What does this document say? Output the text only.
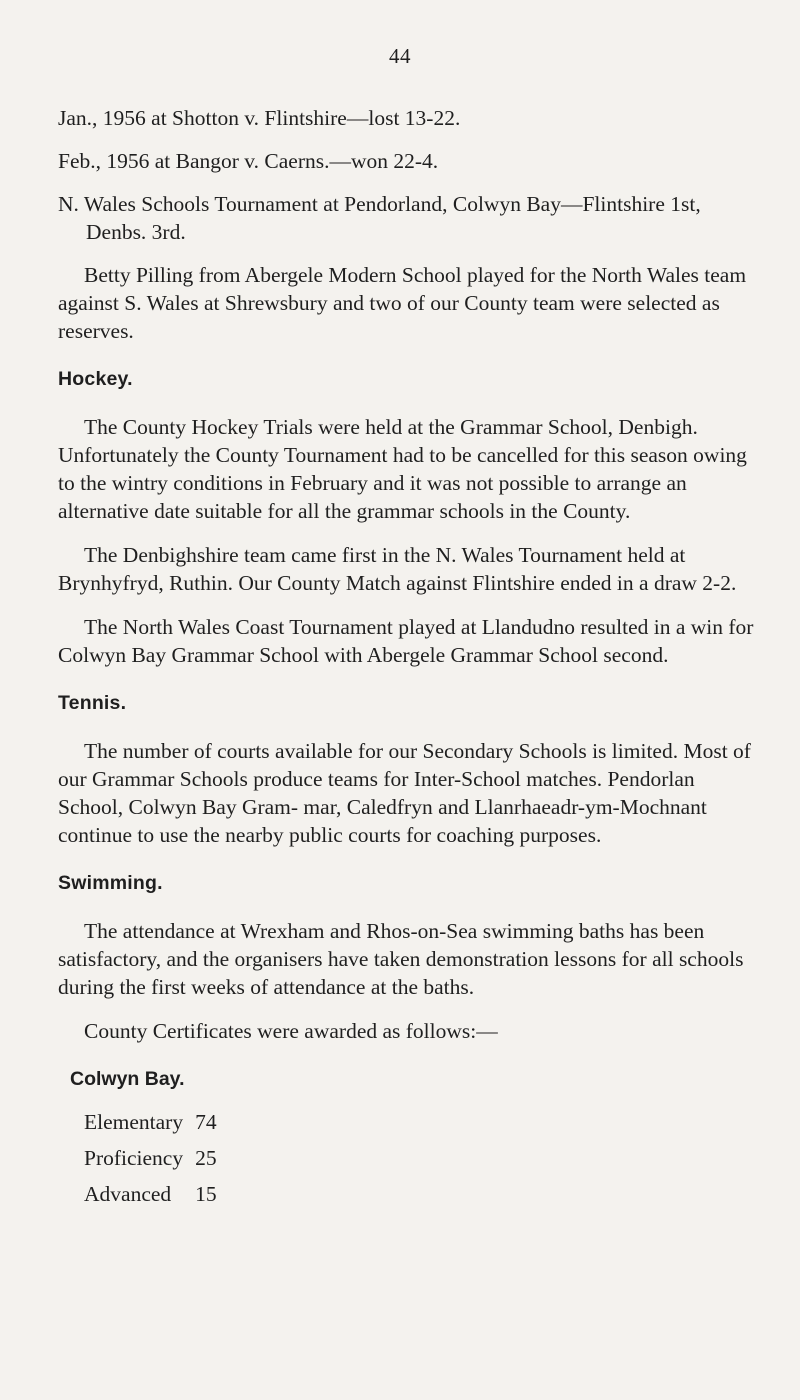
44

Jan., 1956 at Shotton v. Flintshire—lost 13-22.

Feb., 1956 at Bangor v. Caerns.—won 22-4.

N. Wales Schools Tournament at Pendorland, Colwyn Bay—Flintshire 1st, Denbs. 3rd.

Betty Pilling from Abergele Modern School played for the North Wales team against S. Wales at Shrewsbury and two of our County team were selected as reserves.

Hockey.

The County Hockey Trials were held at the Grammar School, Denbigh. Unfortunately the County Tournament had to be cancelled for this season owing to the wintry conditions in February and it was not possible to arrange an alternative date suitable for all the grammar schools in the County.

The Denbighshire team came first in the N. Wales Tournament held at Brynhyfryd, Ruthin. Our County Match against Flintshire ended in a draw 2-2.

The North Wales Coast Tournament played at Llandudno resulted in a win for Colwyn Bay Grammar School with Abergele Grammar School second.

Tennis.

The number of courts available for our Secondary Schools is limited. Most of our Grammar Schools produce teams for Inter-School matches. Pendorlan School, Colwyn Bay Gram- mar, Caledfryn and Llanrhaeadr-ym-Mochnant continue to use the nearby public courts for coaching purposes.

Swimming.

The attendance at Wrexham and Rhos-on-Sea swimming baths has been satisfactory, and the organisers have taken demonstration lessons for all schools during the first weeks of attendance at the baths.

County Certificates were awarded as follows:—

Colwyn Bay.
Elementary	74
Proficiency	25
Advanced	15
